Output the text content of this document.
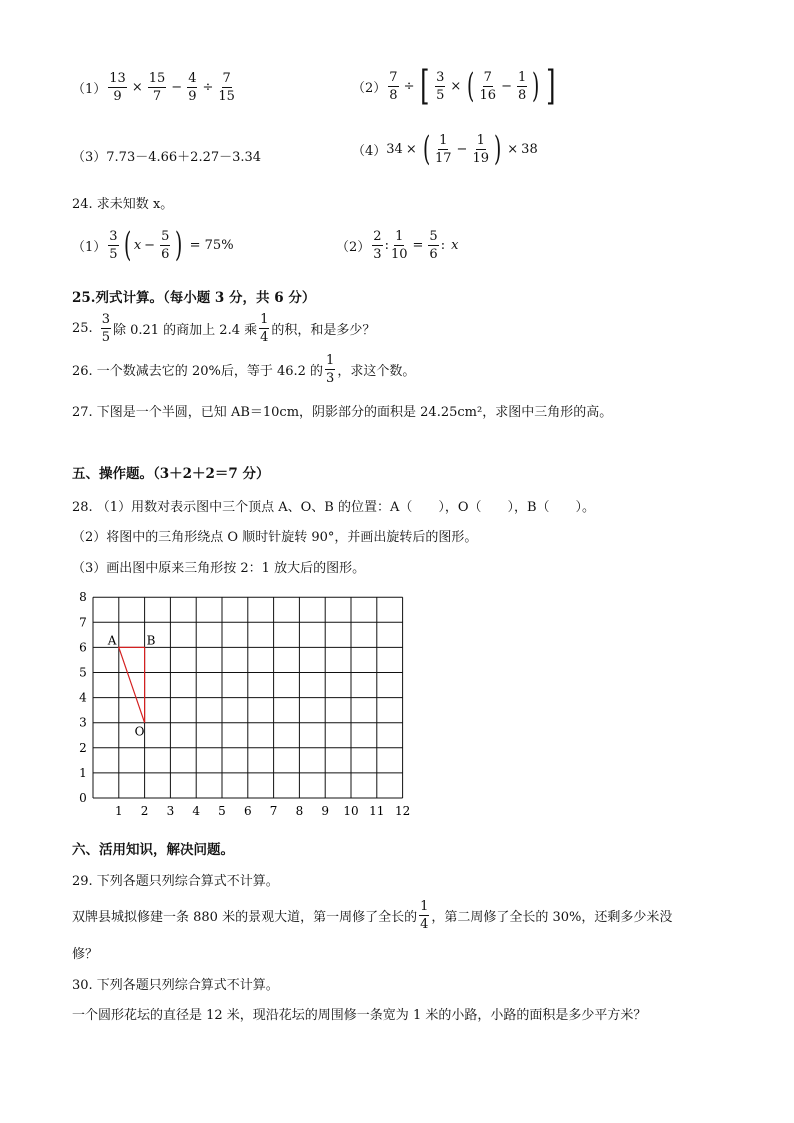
$(1) \frac{13}{9} \times \frac{15}{7} - \frac{4}{9} \div \frac{7}{15}$	$(2) \frac{7}{8}$ ÷ [ $\frac{3}{5}$ × ( $\frac{7}{16} - \frac{1}{8}$ ) ]
（3） 7.73－4.66＋2.27－3.34	（4） 34 × ( $\frac{1}{17} - \frac{1}{19}$ ) × 38
24. 求未知数 x。
$(1) \frac{3}{5}$ ( $x - \frac{5}{6}$ ) = 75%	$(2) \frac{2}{3}$ : $\frac{1}{10} = \frac{5}{6}$ : x
25.列式计算。（每小题 3 分，共 6 分）
25. $\frac{3}{5}$ 除 0.21 的商加上 2.4 乘 $\frac{1}{4}$ 的积，和是多少？
26. 一个数减去它的 20%后，等于 46.2 的 $\frac{1}{3}$ ，求这个数。
27. 下图是一个半圆，已知 AB＝10cm，阴影部分的面积是 24.25cm²，求图中三角形的高。
五、操作题。（3＋2＋2＝7 分）
28. （1）用数对表示图中三个顶点 A、O、B 的位置：A（　　），O（　　），B（　　）。
（2）将图中的三角形绕点 O 顺时针旋转 90°，并画出旋转后的图形。
（3）画出图中原来三角形按 2：1 放大后的图形。
0
1
2
3
4
5
6
7
8
1 2 3 4 5 6 7 8 9 10 11 12
A	B
O
六、活用知识，解决问题。
29. 下列各题只列综合算式不计算。
双牌县城拟修建一条 880 米的景观大道，第一周修了全长的 $\frac{1}{4}$ ，第二周修了全长的 30%，还剩多少米没
修？
30. 下列各题只列综合算式不计算。
一个圆形花坛的直径是 12 米，现沿花坛的周围修一条宽为 1 米的小路，小路的面积是多少平方米？
